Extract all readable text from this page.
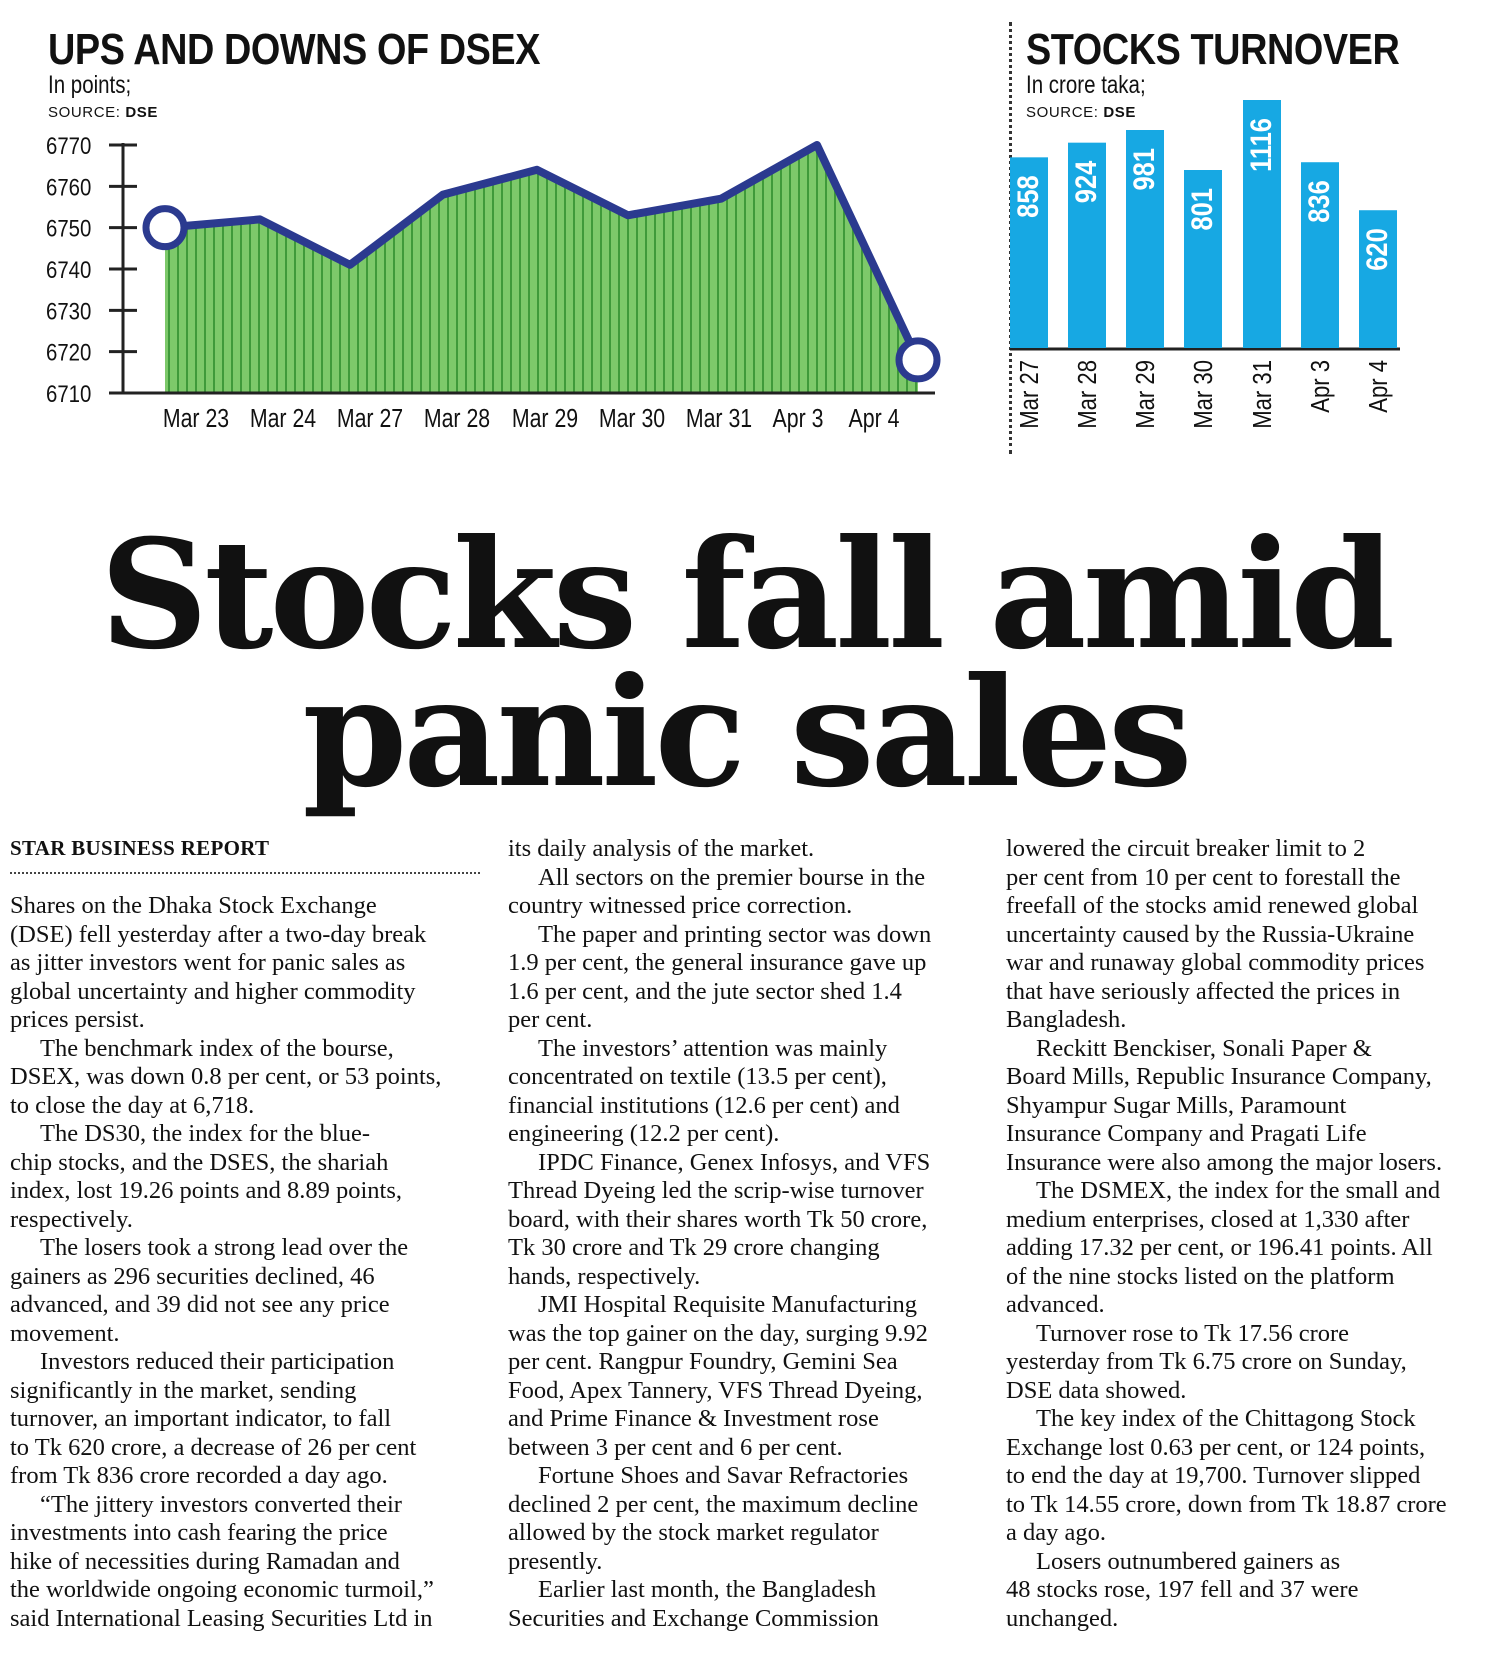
UPS AND DOWNS OF DSEX
In points;
SOURCE: DSE
6770
6760
6750
6740
6730
6720
6710
Mar 23 Mar 24 Mar 27 Mar 28 Mar 29 Mar 30 Mar 31 Apr 3 Apr 4
STOCKS TURNOVER
In crore taka;
SOURCE: DSE
858
Mar 27
924
Mar 28
981
Mar 29
801
Mar 30
1116
Mar 31
836
Apr 3
620
Apr 4
Stocks fall amid
panic sales
STAR BUSINESS REPORT
Shares on the Dhaka Stock Exchange
(DSE) fell yesterday after a two-day break
as jitter investors went for panic sales as
global uncertainty and higher commodity
prices persist.
The benchmark index of the bourse,
DSEX, was down 0.8 per cent, or 53 points,
to close the day at 6,718.
The DS30, the index for the blue-
chip stocks, and the DSES, the shariah
index, lost 19.26 points and 8.89 points,
respectively.
The losers took a strong lead over the
gainers as 296 securities declined, 46
advanced, and 39 did not see any price
movement.
Investors reduced their participation
significantly in the market, sending
turnover, an important indicator, to fall
to Tk 620 crore, a decrease of 26 per cent
from Tk 836 crore recorded a day ago.
“The jittery investors converted their
investments into cash fearing the price
hike of necessities during Ramadan and
the worldwide ongoing economic turmoil,”
said International Leasing Securities Ltd in
its daily analysis of the market.
All sectors on the premier bourse in the
country witnessed price correction.
The paper and printing sector was down
1.9 per cent, the general insurance gave up
1.6 per cent, and the jute sector shed 1.4
per cent.
The investors’ attention was mainly
concentrated on textile (13.5 per cent),
financial institutions (12.6 per cent) and
engineering (12.2 per cent).
IPDC Finance, Genex Infosys, and VFS
Thread Dyeing led the scrip-wise turnover
board, with their shares worth Tk 50 crore,
Tk 30 crore and Tk 29 crore changing
hands, respectively.
JMI Hospital Requisite Manufacturing
was the top gainer on the day, surging 9.92
per cent. Rangpur Foundry, Gemini Sea
Food, Apex Tannery, VFS Thread Dyeing,
and Prime Finance & Investment rose
between 3 per cent and 6 per cent.
Fortune Shoes and Savar Refractories
declined 2 per cent, the maximum decline
allowed by the stock market regulator
presently.
Earlier last month, the Bangladesh
Securities and Exchange Commission
lowered the circuit breaker limit to 2
per cent from 10 per cent to forestall the
freefall of the stocks amid renewed global
uncertainty caused by the Russia-Ukraine
war and runaway global commodity prices
that have seriously affected the prices in
Bangladesh.
Reckitt Benckiser, Sonali Paper &
Board Mills, Republic Insurance Company,
Shyampur Sugar Mills, Paramount
Insurance Company and Pragati Life
Insurance were also among the major losers.
The DSMEX, the index for the small and
medium enterprises, closed at 1,330 after
adding 17.32 per cent, or 196.41 points. All
of the nine stocks listed on the platform
advanced.
Turnover rose to Tk 17.56 crore
yesterday from Tk 6.75 crore on Sunday,
DSE data showed.
The key index of the Chittagong Stock
Exchange lost 0.63 per cent, or 124 points,
to end the day at 19,700. Turnover slipped
to Tk 14.55 crore, down from Tk 18.87 crore
a day ago.
Losers outnumbered gainers as
48 stocks rose, 197 fell and 37 were
unchanged.
